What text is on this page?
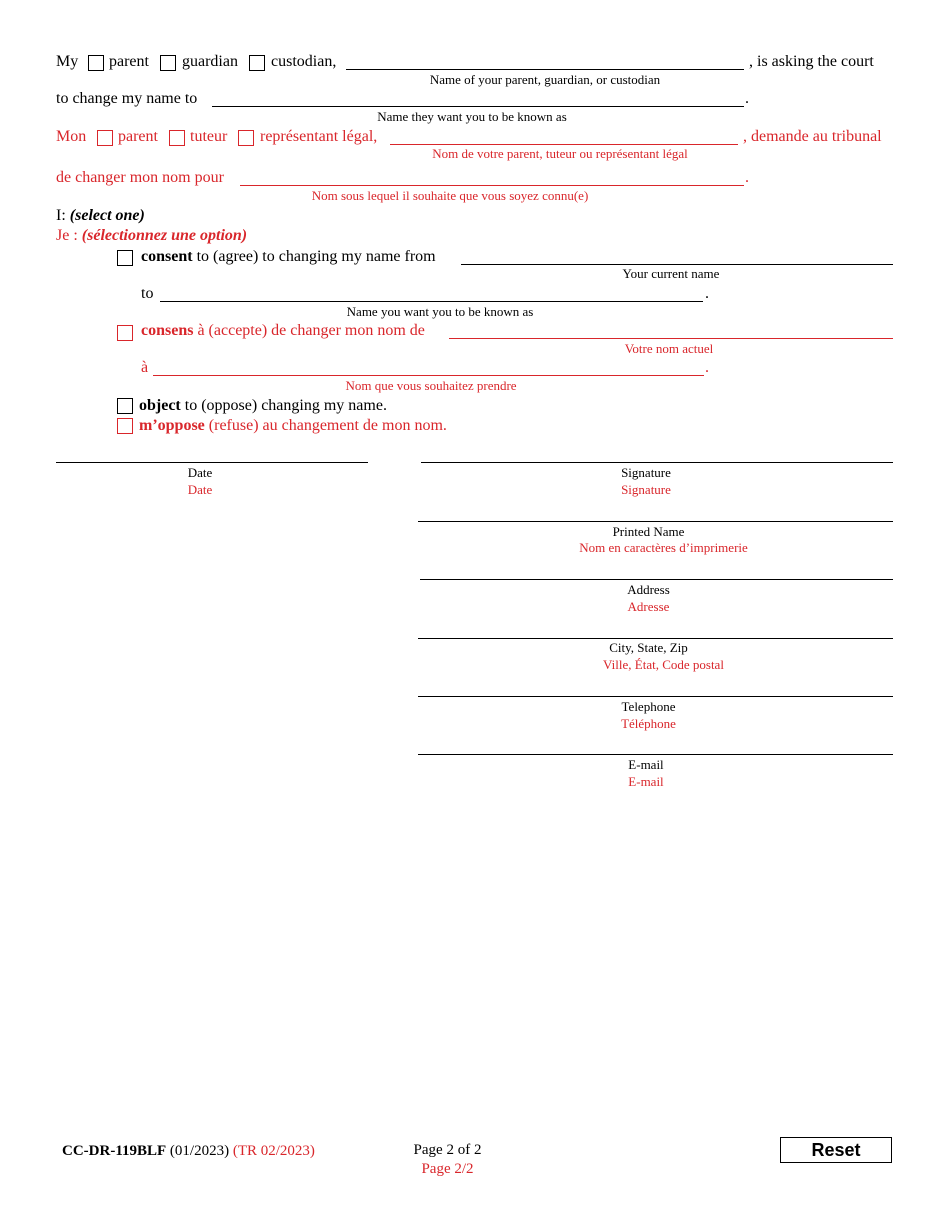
My parent guardian custodian,	, is asking the court
Name of your parent, guardian, or custodian
to change my name to	.
Name they want you to be known as
Mon parent tuteur représentant légal,	, demande au tribunal
Nom de votre parent, tuteur ou représentant légal
de changer mon nom pour	.
Nom sous lequel il souhaite que vous soyez connu(e)
I: (select one)
Je : (sélectionnez une option)
consent to (agree) to changing my name from
Your current name
to	.
Name you want you to be known as
consens à (accepte) de changer mon nom de
Votre nom actuel
à	.
Nom que vous souhaitez prendre
object to (oppose) changing my name.
m’oppose (refuse) au changement de mon nom.
Date
Date
Signature
Signature
Printed Name
Nom en caractères d’imprimerie
Address
Adresse
City, State, Zip
Ville, État, Code postal
Telephone
Téléphone
E-mail
E-mail
CC-DR-119BLF (01/2023) (TR 02/2023)	Page 2 of 2
Page 2/2
Reset
